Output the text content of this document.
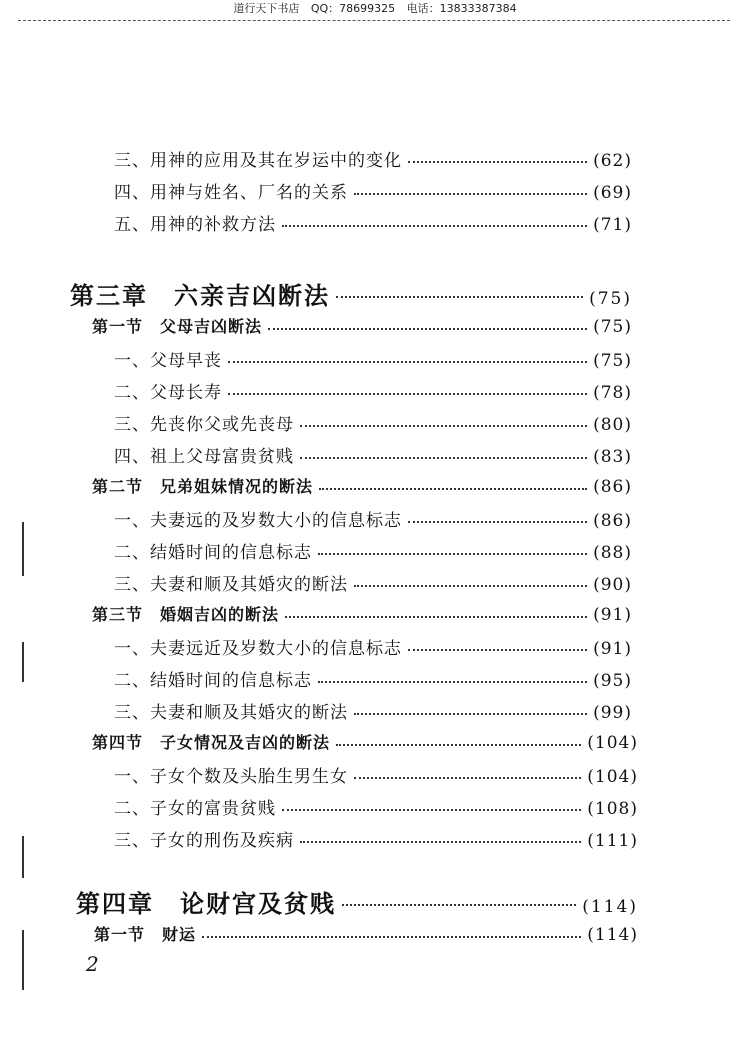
道行天下书店 QQ：78699325 电话：13833387384
三、用神的应用及其在岁运中的变化	(62)
四、用神与姓名、厂名的关系	(69)
五、用神的补救方法	(71)
第三章　六亲吉凶断法	(75)
第一节　父母吉凶断法	(75)
一、父母早丧	(75)
二、父母长寿	(78)
三、先丧你父或先丧母	(80)
四、祖上父母富贵贫贱	(83)
第二节　兄弟姐妹情况的断法	(86)
一、夫妻远的及岁数大小的信息标志	(86)
二、结婚时间的信息标志	(88)
三、夫妻和顺及其婚灾的断法	(90)
第三节　婚姻吉凶的断法	(91)
一、夫妻远近及岁数大小的信息标志	(91)
二、结婚时间的信息标志	(95)
三、夫妻和顺及其婚灾的断法	(99)
第四节　子女情况及吉凶的断法	(104)
一、子女个数及头胎生男生女	(104)
二、子女的富贵贫贱	(108)
三、子女的刑伤及疾病	(111)
第四章　论财宫及贫贱	(114)
第一节　财运	(114)
2
